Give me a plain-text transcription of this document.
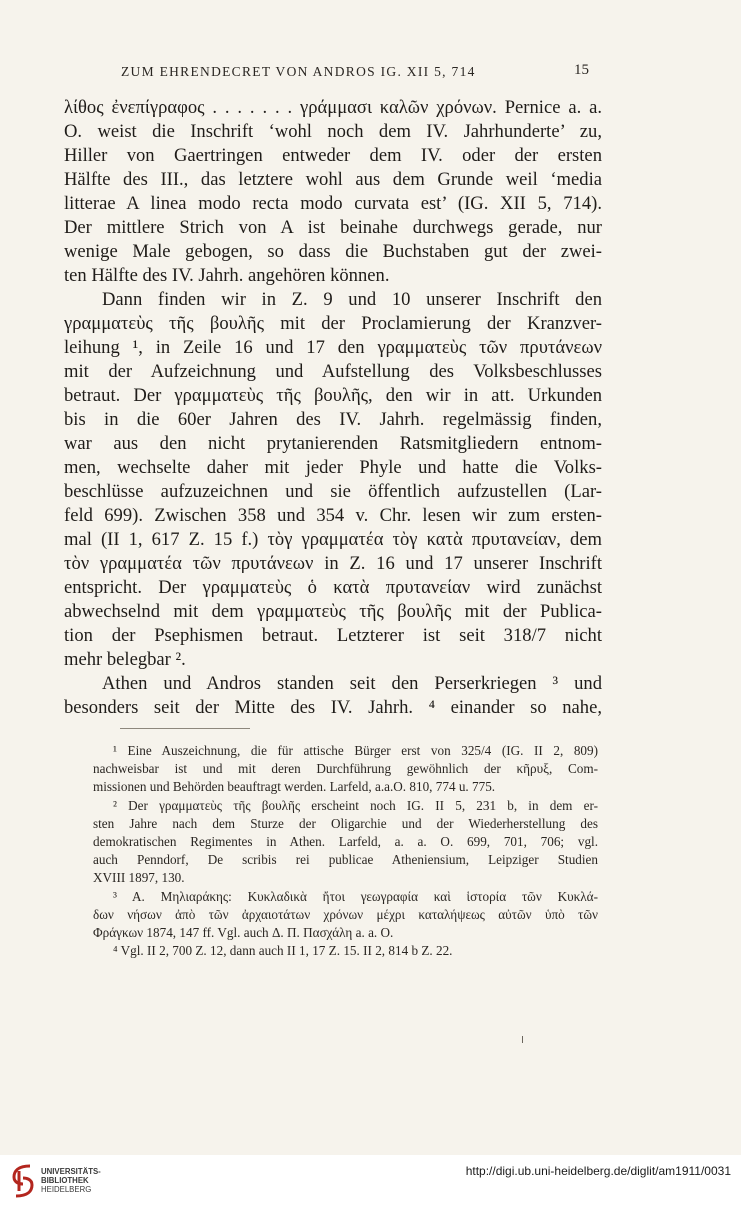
ZUM EHRENDECRET VON ANDROS IG. XII 5, 714	15
λίθος ἐνεπίγραφος . . . . . . . γράμμασι καλῶν χρόνων. Pernice a. a.
O. weist die Inschrift ‘wohl noch dem IV. Jahrhunderte’ zu,
Hiller von Gaertringen entweder dem IV. oder der ersten
Hälfte des III., das letztere wohl aus dem Grunde weil ‘media
litterae A linea modo recta modo curvata est’ (IG. XII 5, 714).
Der mittlere Strich von A ist beinahe durchwegs gerade, nur
wenige Male gebogen, so dass die Buchstaben gut der zwei-
ten Hälfte des IV. Jahrh. angehören können.
Dann finden wir in Z. 9 und 10 unserer Inschrift den
γραμματεὺς τῆς βουλῆς mit der Proclamierung der Kranzver-
leihung ¹, in Zeile 16 und 17 den γραμματεὺς τῶν πρυτάνεων
mit der Aufzeichnung und Aufstellung des Volksbeschlusses
betraut. Der γραμματεὺς τῆς βουλῆς, den wir in att. Urkunden
bis in die 60er Jahren des IV. Jahrh. regelmässig finden,
war aus den nicht prytanierenden Ratsmitgliedern entnom-
men, wechselte daher mit jeder Phyle und hatte die Volks-
beschlüsse aufzuzeichnen und sie öffentlich aufzustellen (Lar-
feld 699). Zwischen 358 und 354 v. Chr. lesen wir zum ersten-
mal (II 1, 617 Z. 15 f.) τὸγ γραμματέα τὸγ κατὰ πρυτανείαν, dem
τὸν γραμματέα τῶν πρυτάνεων in Z. 16 und 17 unserer Inschrift
entspricht. Der γραμματεὺς ὁ κατὰ πρυτανείαν wird zunächst
abwechselnd mit dem γραμματεὺς τῆς βουλῆς mit der Publica-
tion der Psephismen betraut. Letzterer ist seit 318/7 nicht
mehr belegbar ².
Athen und Andros standen seit den Perserkriegen ³ und
besonders seit der Mitte des IV. Jahrh. ⁴ einander so nahe,
¹ Eine Auszeichnung, die für attische Bürger erst von 325/4 (IG. II 2, 809)
nachweisbar ist und mit deren Durchführung gewöhnlich der κῆρυξ, Com-
missionen und Behörden beauftragt werden. Larfeld, a.a.O. 810, 774 u. 775.
² Der γραμματεὺς τῆς βουλῆς erscheint noch IG. II 5, 231 b, in dem er-
sten Jahre nach dem Sturze der Oligarchie und der Wiederherstellung des
demokratischen Regimentes in Athen. Larfeld, a. a. O. 699, 701, 706; vgl.
auch Penndorf, De scribis rei publicae Atheniensium, Leipziger Studien
XVIII 1897, 130.
³ Α. Μηλιαράκης: Κυκλαδικὰ ἤτοι γεωγραφία καὶ ἱστορία τῶν Κυκλά-
δων νήσων ἀπὸ τῶν ἀρχαιοτάτων χρόνων μέχρι καταλήψεως αὐτῶν ὑπὸ τῶν
Φράγκων 1874, 147 ff. Vgl. auch Δ. Π. Πασχάλη a. a. O.
⁴ Vgl. II 2, 700 Z. 12, dann auch II 1, 17 Z. 15. II 2, 814 b Z. 22.
UNIVERSITÄTS-
BIBLIOTHEK
HEIDELBERG
http://digi.ub.uni-heidelberg.de/diglit/am1911/0031
